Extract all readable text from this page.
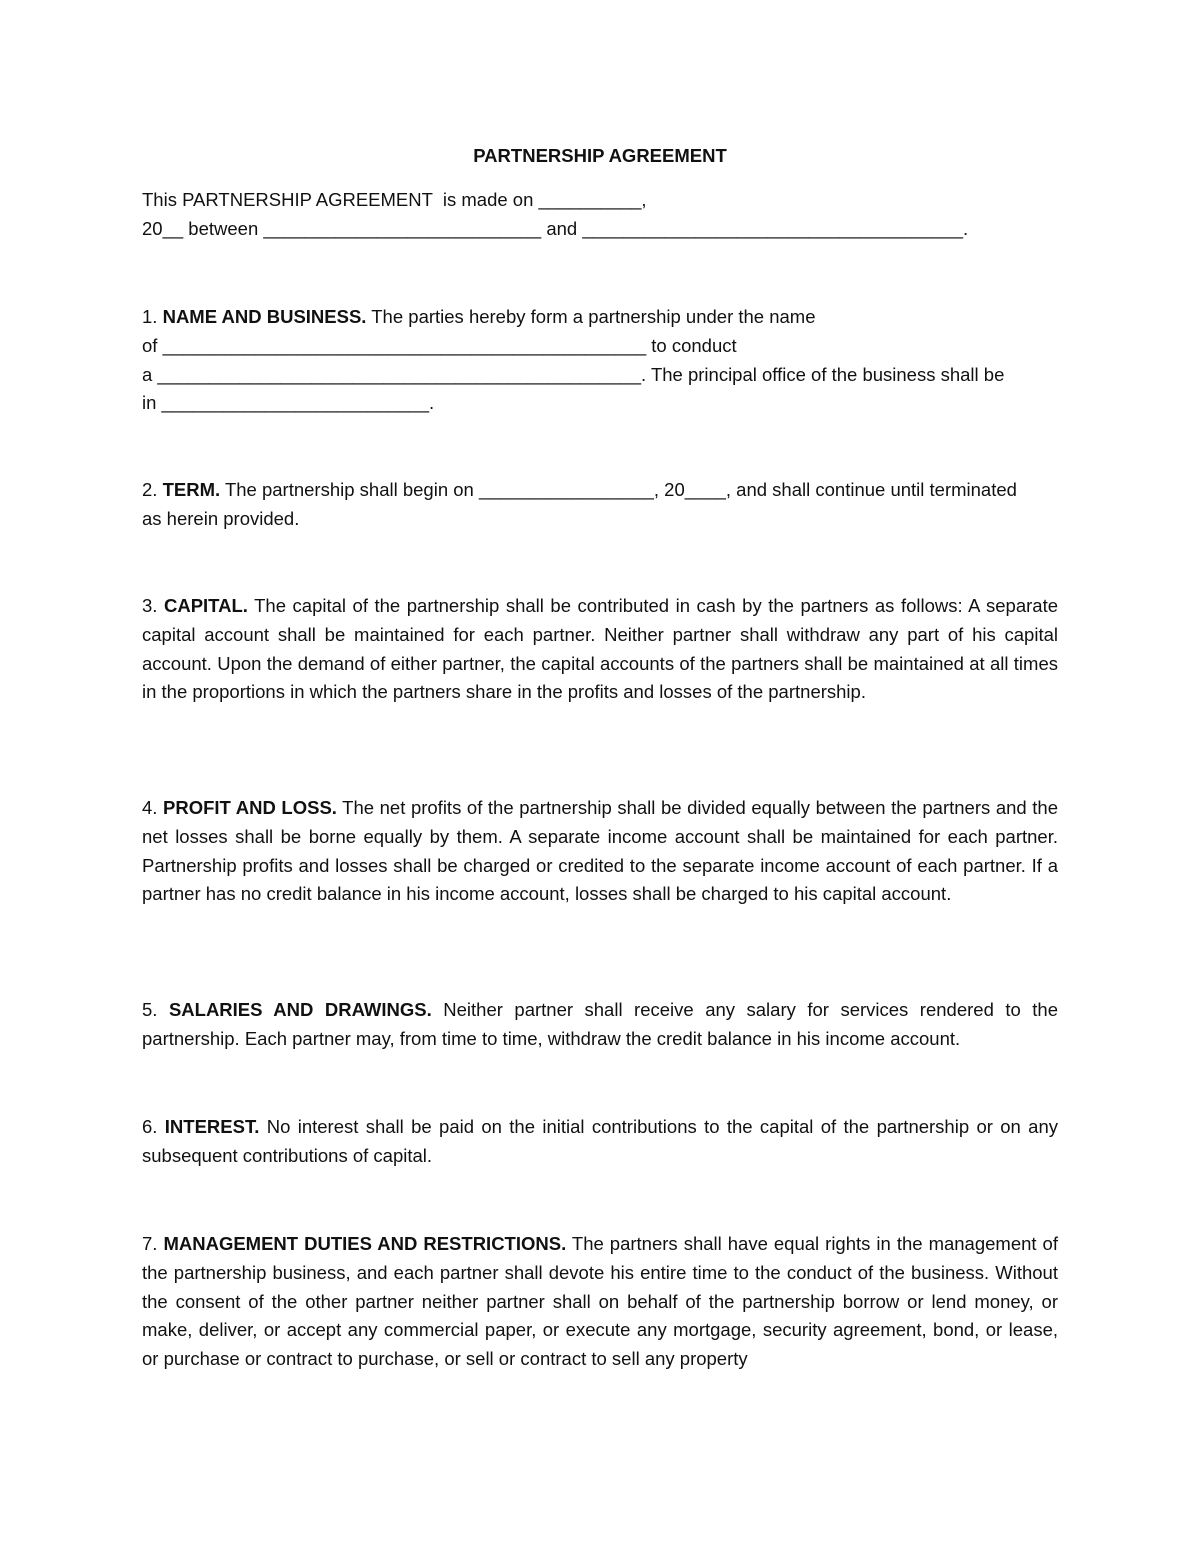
PARTNERSHIP AGREEMENT
This PARTNERSHIP AGREEMENT  is made on __________,
20__ between ___________________________ and _____________________________________.
1. NAME AND BUSINESS. The parties hereby form a partnership under the name
of _______________________________________________ to conduct
a _______________________________________________. The principal office of the business shall be
in __________________________.
2. TERM. The partnership shall begin on _________________, 20____, and shall continue until terminated
as herein provided.

3. CAPITAL. The capital of the partnership shall be contributed in cash by the partners as follows: A separate capital account shall be maintained for each partner. Neither partner shall withdraw any part of his capital account. Upon the demand of either partner, the capital accounts of the partners shall be maintained at all times in the proportions in which the partners share in the profits and losses of the partnership.

4. PROFIT AND LOSS. The net profits of the partnership shall be divided equally between the partners and the net losses shall be borne equally by them. A separate income account shall be maintained for each partner. Partnership profits and losses shall be charged or credited to the separate income account of each partner. If a partner has no credit balance in his income account, losses shall be charged to his capital account.

5. SALARIES AND DRAWINGS. Neither partner shall receive any salary for services rendered to the partnership. Each partner may, from time to time, withdraw the credit balance in his income account.

6. INTEREST. No interest shall be paid on the initial contributions to the capital of the partnership or on any subsequent contributions of capital.

7. MANAGEMENT DUTIES AND RESTRICTIONS. The partners shall have equal rights in the management of the partnership business, and each partner shall devote his entire time to the conduct of the business. Without the consent of the other partner neither partner shall on behalf of the partnership borrow or lend money, or make, deliver, or accept any commercial paper, or execute any mortgage, security agreement, bond, or lease, or purchase or contract to purchase, or sell or contract to sell any property
